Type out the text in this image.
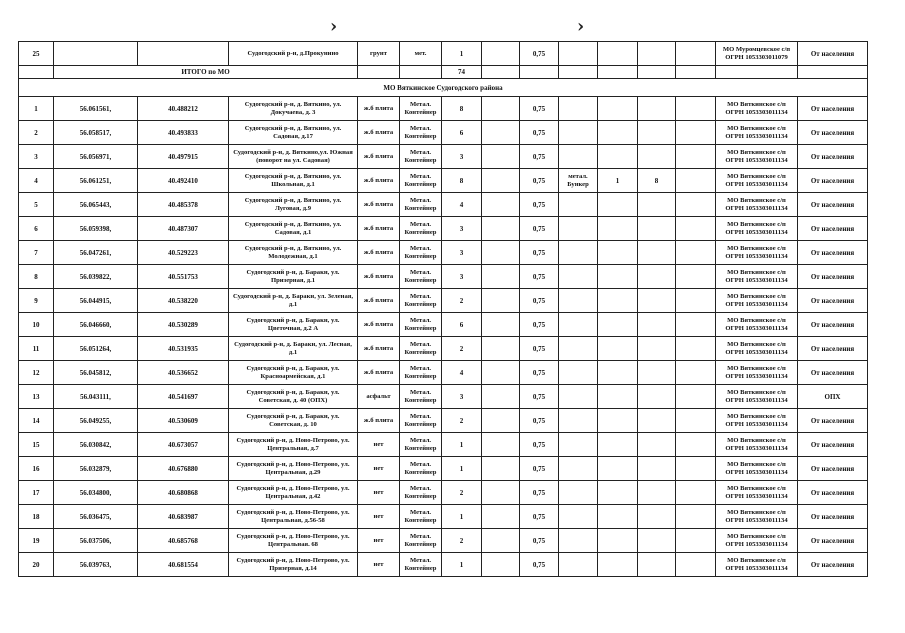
›	›
25			Судогодский р-н, д.Прокунино	грунт	мет.	1		0,75					МО Муромцевское с/п
ОГРН 1053303011079	От населения
	ИТОГО по МО					74								
МО Вяткинское Судогодского района														
1	56.061561,	40.488212	Судогодский р-н, д. Вяткино, ул. Докучаева, д. 3	ж.б плита	Метал. Контейнер	8		0,75					МО Вяткинское с/п
ОГРН 1053303011134	От населения
2	56.058517,	40.493833	Судогодский р-н, д. Вяткино, ул. Садовая, д.17	ж.б плита	Метал. Контейнер	6		0,75					МО Вяткинское с/п
ОГРН 1053303011134	От населения
3	56.056971,	40.497915	Судогодский р-н, д. Вяткино,ул. Южная (поворот на ул. Садовая)	ж.б плита	Метал. Контейнер	3		0,75					МО Вяткинское с/п
ОГРН 1053303011134	От населения
4	56.061251,	40.492410	Судогодский р-н, д. Вяткино, ул. Школьная, д.1	ж.б плита	Метал. Контейнер	8		0,75	метал. Бункер	1	8		МО Вяткинское с/п
ОГРН 1053303011134	От населения
5	56.065443,	40.485378	Судогодский р-н, д. Вяткино, ул. Луговая, д.9	ж.б плита	Метал. Контейнер	4		0,75					МО Вяткинское с/п
ОГРН 1053303011134	От населения
6	56.059398,	40.487307	Судогодский р-н, д. Вяткино, ул. Садовая, д.1	ж.б плита	Метал. Контейнер	3		0,75					МО Вяткинское с/п
ОГРН 1053303011134	От населения
7	56.047261,	40.529223	Судогодский р-н, д. Вяткино, ул. Молодежная, д.1	ж.б плита	Метал. Контейнер	3		0,75					МО Вяткинское с/п
ОГРН 1053303011134	От населения
8	56.039822,	40.551753	Судогодский р-н, д. Баракн, ул. Призерная, д.1	ж.б плита	Метал. Контейнер	3		0,75					МО Вяткинское с/п
ОГРН 1053303011134	От населения
9	56.044915,	40.538220	Судогодский р-н, д. Баракн, ул. Зеленая, д.1	ж.б плита	Метал. Контейнер	2		0,75					МО Вяткинское с/п
ОГРН 1053303011134	От населения
10	56.046660,	40.530289	Судогодский р-н, д. Баракн, ул. Цветочная, д.2 А	ж.б плита	Метал. Контейнер	6		0,75					МО Вяткинское с/п
ОГРН 1053303011134	От населения
11	56.051264,	40.531935	Судогодский р-н, д. Баракн, ул. Лесная, д.1	ж.б плита	Метал. Контейнер	2		0,75					МО Вяткинское с/п
ОГРН 1053303011134	От населения
12	56.045812,	40.536652	Судогодский р-н, д. Баракн, ул. Красноармейская, д.1	ж.б плита	Метал. Контейнер	4		0,75					МО Вяткинское с/п
ОГРН 1053303011134	От населения
13	56.043111,	40.541697	Судогодский р-н, д. Баракн, ул. Советская, д. 40 (ОПХ)	асфальт	Метал. Контейнер	3		0,75					МО Вяткинское с/п
ОГРН 1053303011134	ОПХ
14	56.049255,	40.530609	Судогодский р-н, д. Баракн, ул. Советская, д. 10	ж.б плита	Метал. Контейнер	2		0,75					МО Вяткинское с/п
ОГРН 1053303011134	От населения
15	56.030842,	40.673057	Судогодский р-н, д. Ново-Петрово, ул. Центральная, д.7	нет	Метал. Контейнер	1		0,75					МО Вяткинское с/п
ОГРН 1053303011134	От населения
16	56.032879,	40.676880	Судогодский р-н, д. Ново-Петрово, ул. Центральная, д.29	нет	Метал. Контейнер	1		0,75					МО Вяткинское с/п
ОГРН 1053303011134	От населения
17	56.034800,	40.680868	Судогодский р-н, д. Ново-Петрово, ул. Центральная, д.42	нет	Метал. Контейнер	2		0,75					МО Вяткинское с/п
ОГРН 1053303011134	От населения
18	56.036475,	40.683987	Судогодский р-н, д. Ново-Петрово, ул. Центральная, д.56-58	нет	Метал. Контейнер	1		0,75					МО Вяткинское с/п
ОГРН 1053303011134	От населения
19	56.037506,	40.685768	Судогодский р-н, д. Ново-Петрово, ул. Центральная. 68	нет	Метал. Контейнер	2		0,75					МО Вяткинское с/п
ОГРН 1053303011134	От населения
20	56.039763,	40.681554	Судогодский р-н, д. Ново-Петрово, ул. Призерная, д.14	нет	Метал. Контейнер	1		0,75					МО Вяткинское с/п
ОГРН 1053303011134	От населения
